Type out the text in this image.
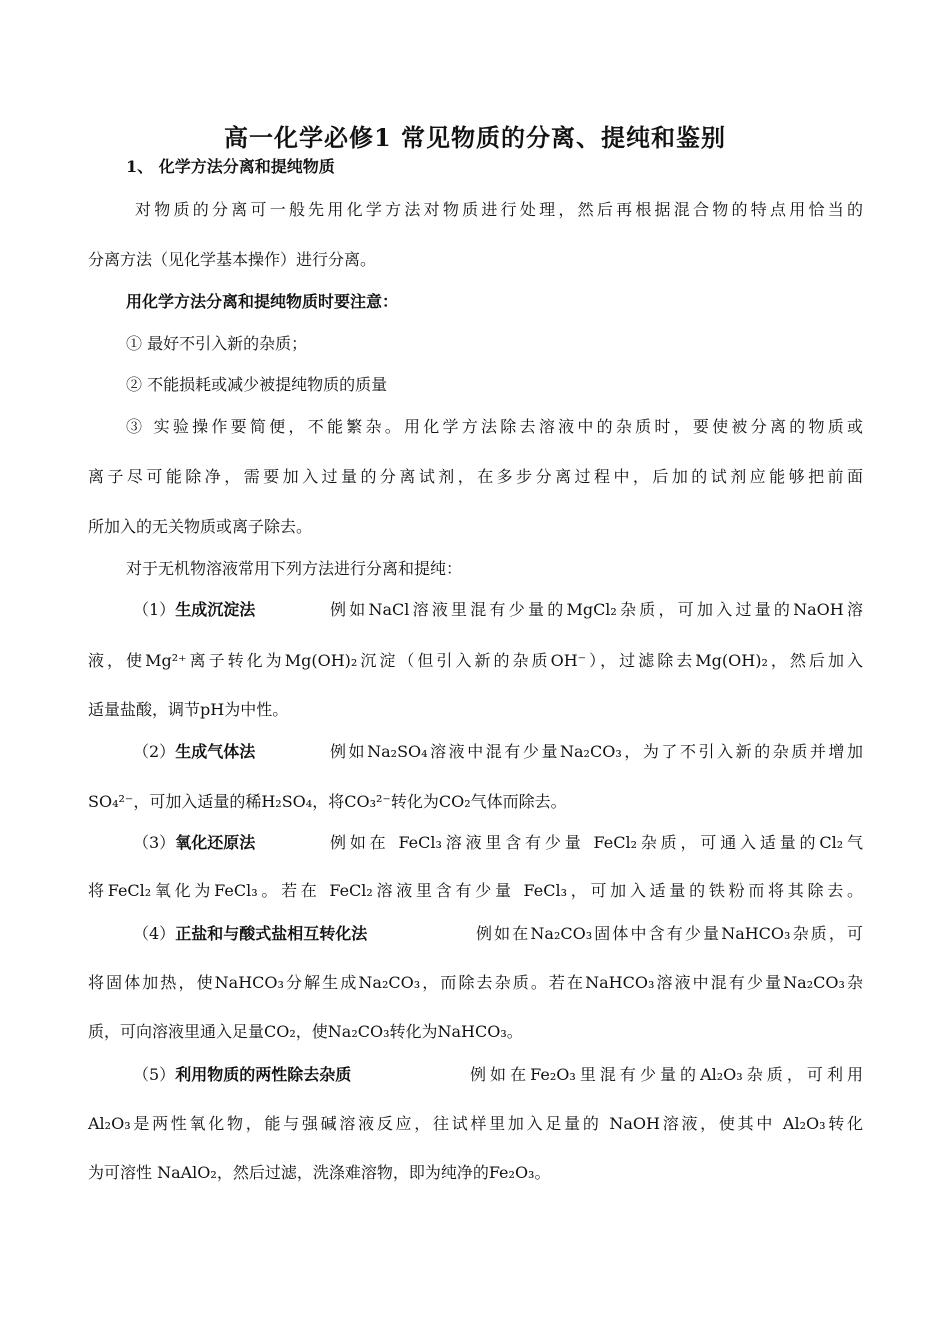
高一化学必修1 常见物质的分离、提纯和鉴别
1、 化学方法分离和提纯物质
对物质的分离可一般先用化学方法对物质进行处理，然后再根据混合物的特点用恰当的
分离方法（见化学基本操作）进行分离。
用化学方法分离和提纯物质时要注意：
① 最好不引入新的杂质；
② 不能损耗或减少被提纯物质的质量
③ 实验操作要简便，不能繁杂。用化学方法除去溶液中的杂质时，要使被分离的物质或
离子尽可能除净，需要加入过量的分离试剂，在多步分离过程中，后加的试剂应能够把前面
所加入的无关物质或离子除去。
对于无机物溶液常用下列方法进行分离和提纯：
（1）生成沉淀法	例如NaCl溶液里混有少量的MgCl₂杂质，可加入过量的NaOH溶
液，使Mg²⁺离子转化为Mg(OH)₂沉淀（但引入新的杂质OH⁻），过滤除去Mg(OH)₂，然后加入
适量盐酸，调节pH为中性。
（2）生成气体法	例如Na₂SO₄溶液中混有少量Na₂CO₃，为了不引入新的杂质并增加
SO₄²⁻，可加入适量的稀H₂SO₄，将CO₃²⁻转化为CO₂气体而除去。
（3）氧化还原法	例如在 FeCl₃溶液里含有少量 FeCl₂杂质，可通入适量的Cl₂气
将FeCl₂氧化为FeCl₃。若在 FeCl₂溶液里含有少量 FeCl₃，可加入适量的铁粉而将其除去。
（4）正盐和与酸式盐相互转化法	例如在Na₂CO₃固体中含有少量NaHCO₃杂质，可
将固体加热，使NaHCO₃分解生成Na₂CO₃，而除去杂质。若在NaHCO₃溶液中混有少量Na₂CO₃杂
质，可向溶液里通入足量CO₂，使Na₂CO₃转化为NaHCO₃。
（5）利用物质的两性除去杂质	例如在Fe₂O₃里混有少量的Al₂O₃杂质，可利用
Al₂O₃是两性氧化物，能与强碱溶液反应，往试样里加入足量的 NaOH溶液，使其中 Al₂O₃转化
为可溶性 NaAlO₂，然后过滤，洗涤难溶物，即为纯净的Fe₂O₃。
